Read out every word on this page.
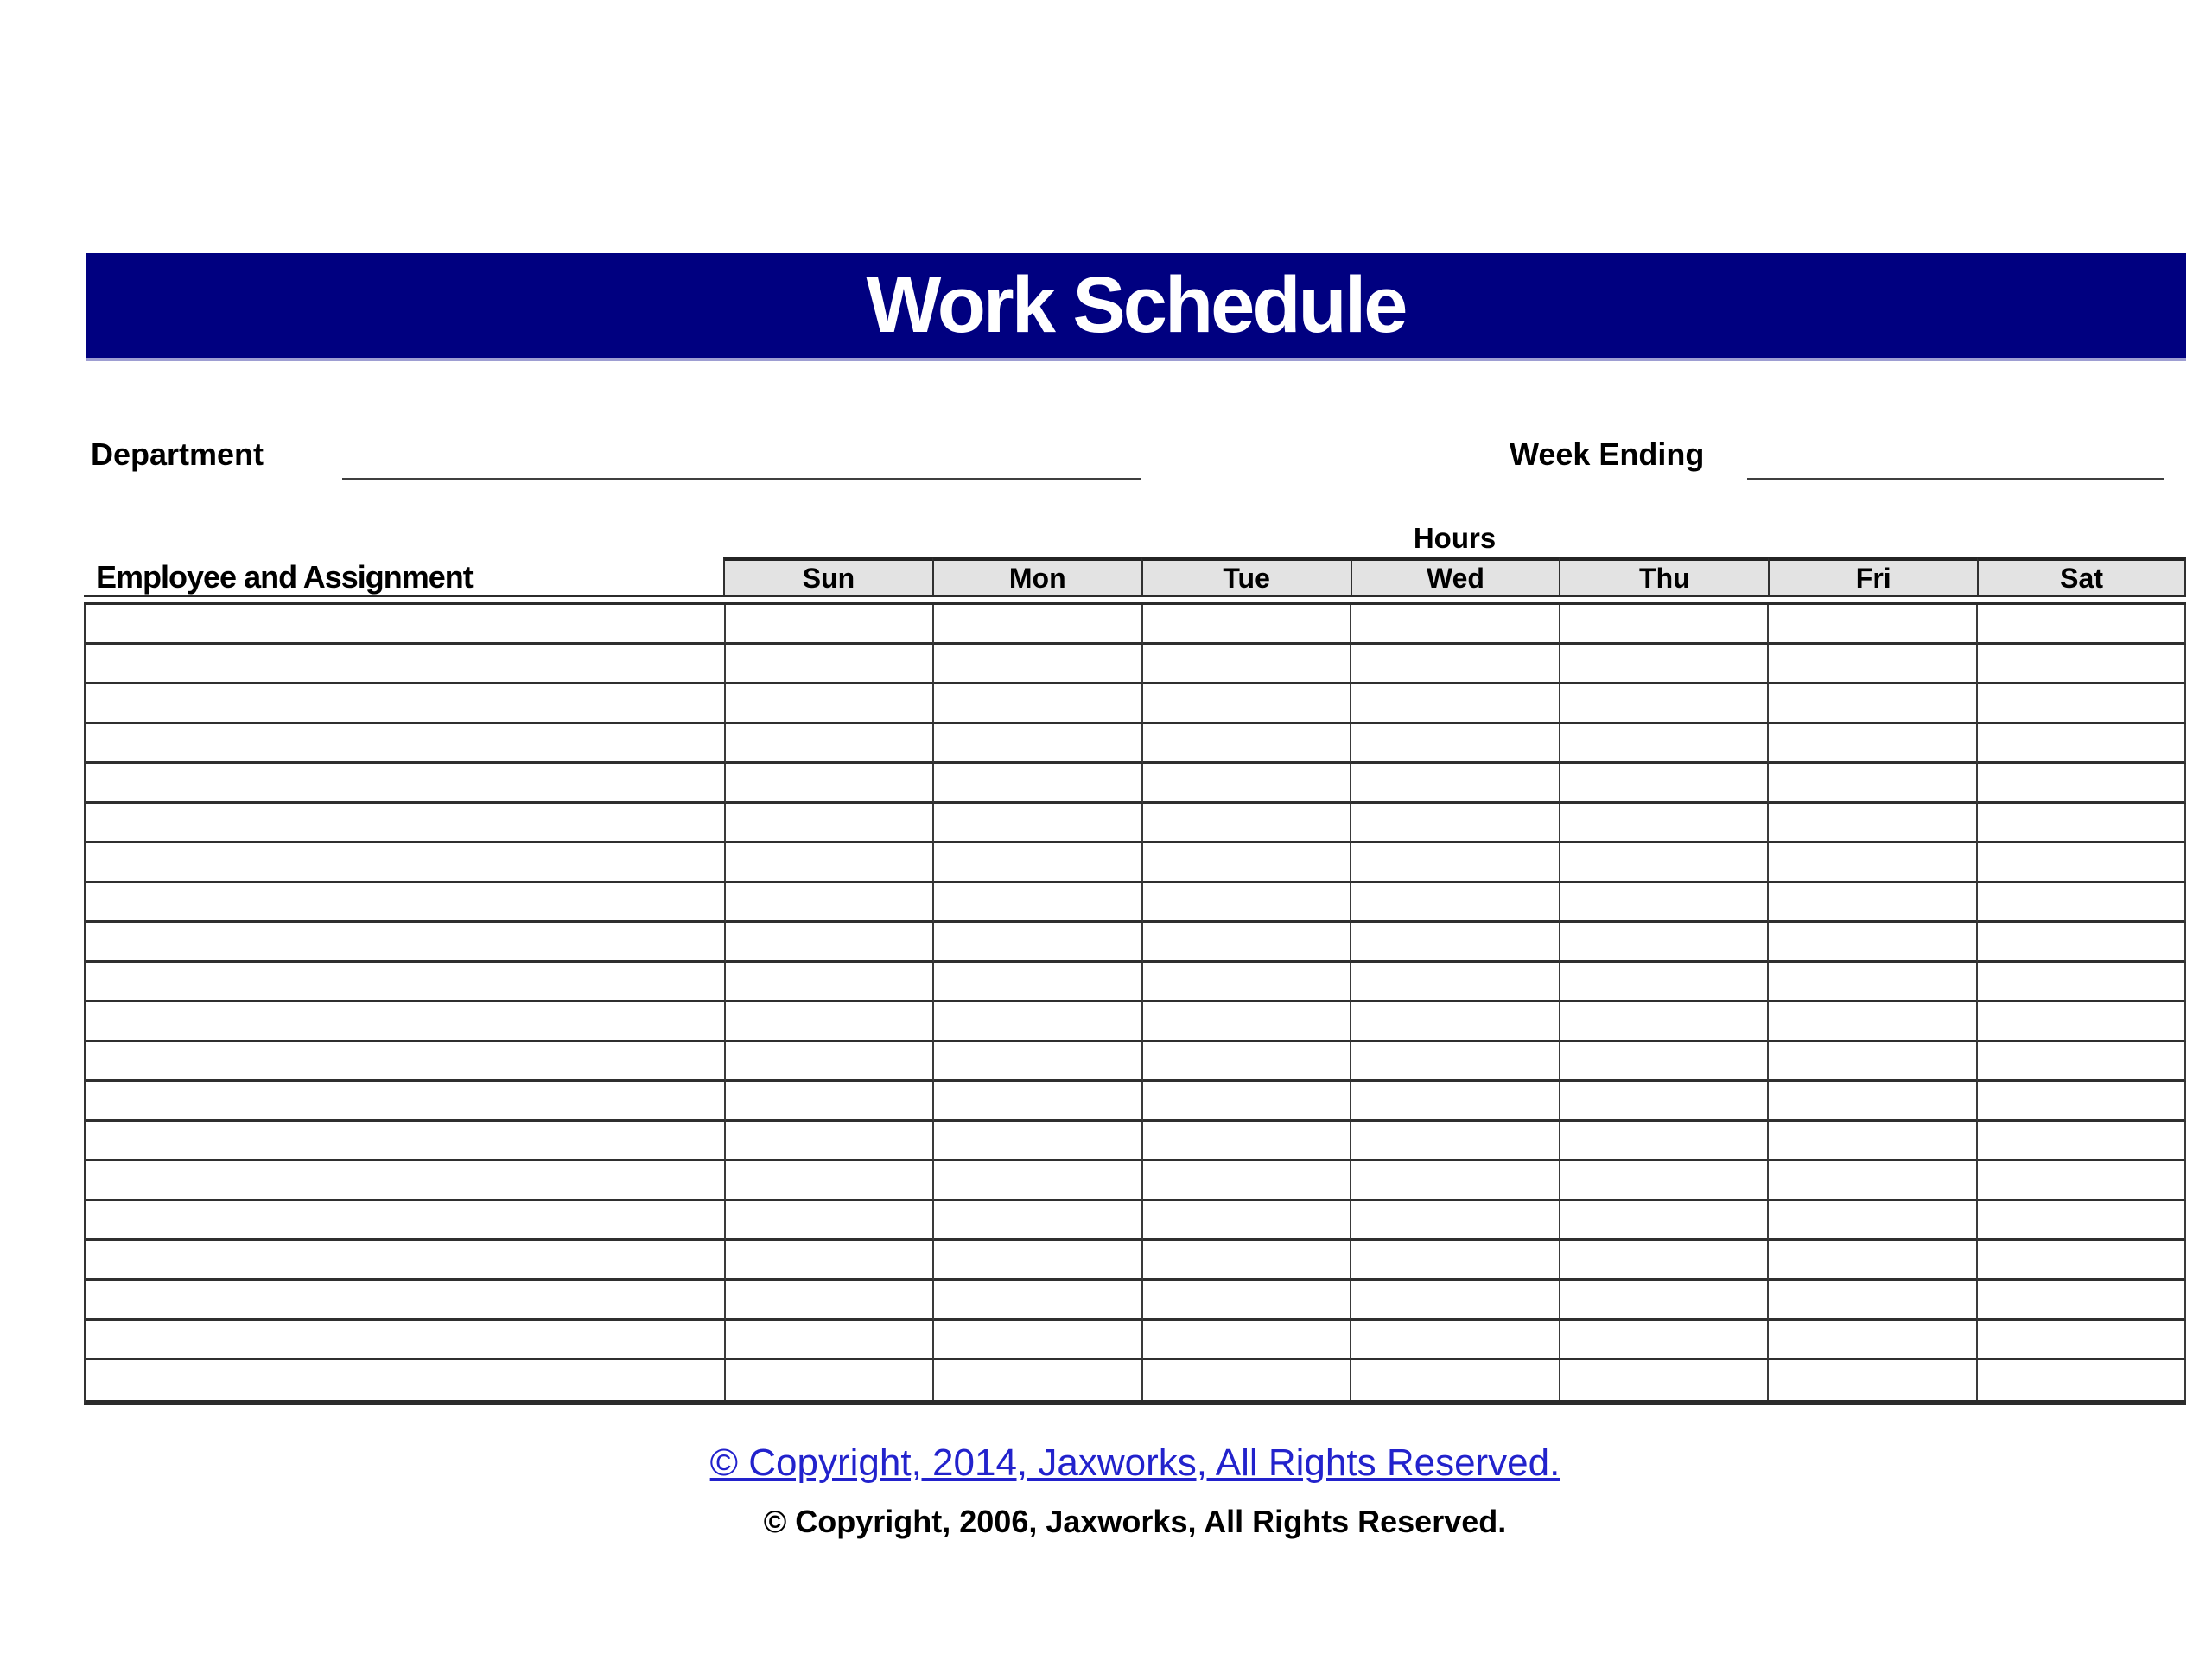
Work Schedule
Department	Week Ending
Hours
Employee and Assignment	Sun	Mon	Tue	Wed	Thu	Fri	Sat
© Copyright, 2014, Jaxworks, All Rights Reserved.
© Copyright, 2006, Jaxworks, All Rights Reserved.
